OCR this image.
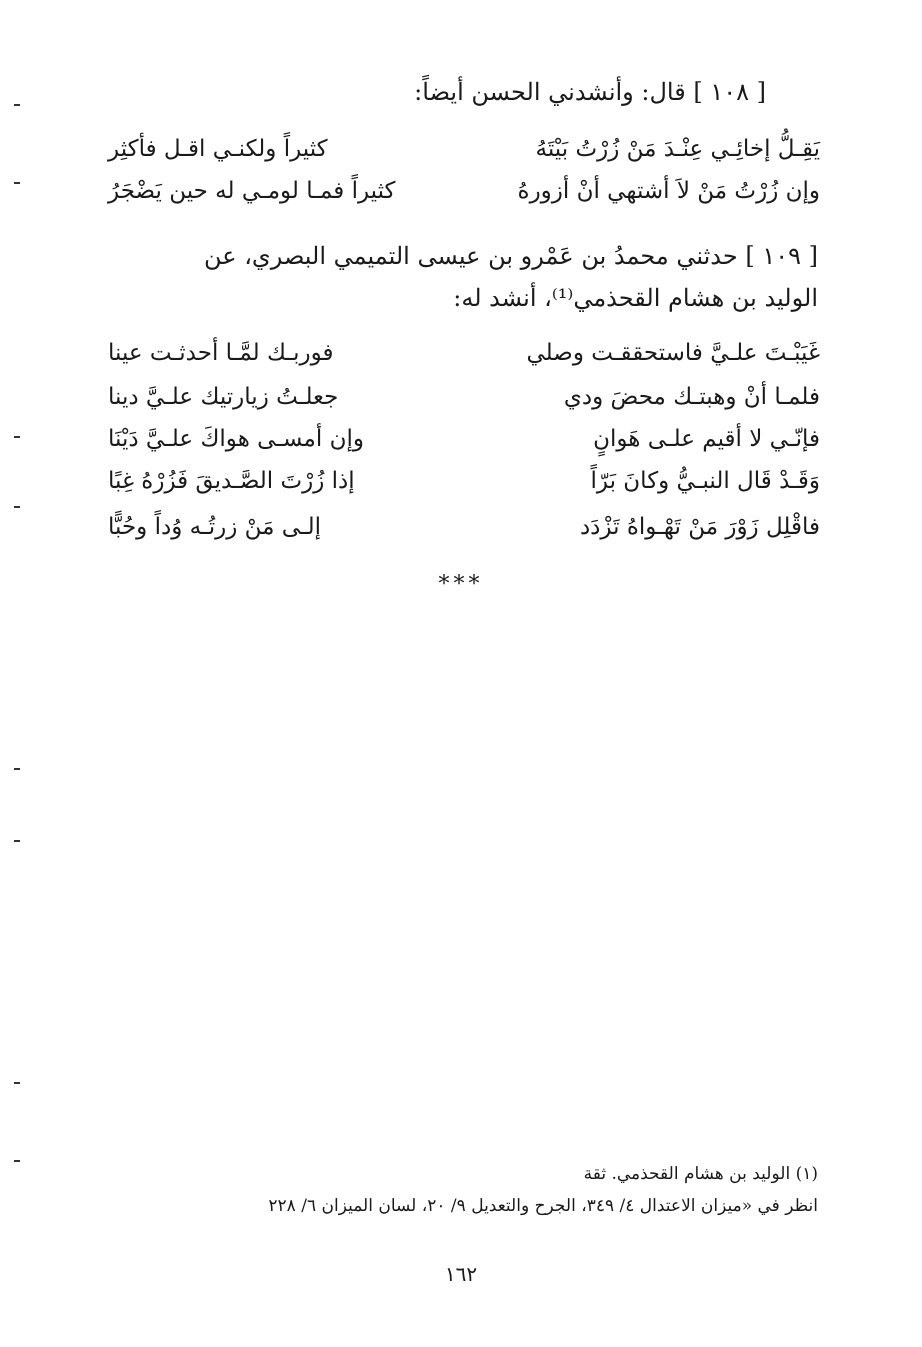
[ ١٠٨ ] قال: وأنشدني الحسن أيضاً:
يَقِـلُّ إخائِـي عِنْـدَ مَنْ زُرْتُ بَيْتَهُ
كثيراً ولكنـي اقـل فأكثِر
وإن زُرْتُ مَنْ لاَ أشتهي أنْ أزورهُ
كثيراً فمـا لومـي له حين يَضْجَرُ
[ ١٠٩ ] حدثني محمدُ بن عَمْرو بن عيسى التميمي البصري، عن
الوليد بن هشام القحذمي⁽¹⁾، أنشد له:
غَيَبْـتَ علـيَّ فاستحققـت وصلي
فوربـك لمَّـا أحدثـت عينا
فلمـا أنْ وهبتـك محضَ ودي
جعلـتُ زيارتيك علـيَّ دينا
فإنّـي لا أقيم علـى هَوانٍ
وإن أمسـى هواكَ علـيَّ دَيْنَا
وَقَـدْ قَال النبـيُّ وكانَ بَرّاً
إذا زُرْتَ الصَّـديقَ فَزُرْهُ غِبًا
فاقْلِل زَوْرَ مَنْ تَهْـواهُ تَزْدَد
إلـى مَنْ زرتُـه وُداً وحُبًّا
***
(١) الوليد بن هشام القحذمي. ثقة
انظر في «ميزان الاعتدال ٤/ ٣٤٩، الجرح والتعديل ٩/ ٢٠، لسان الميزان ٦/ ٢٢٨
١٦٢
